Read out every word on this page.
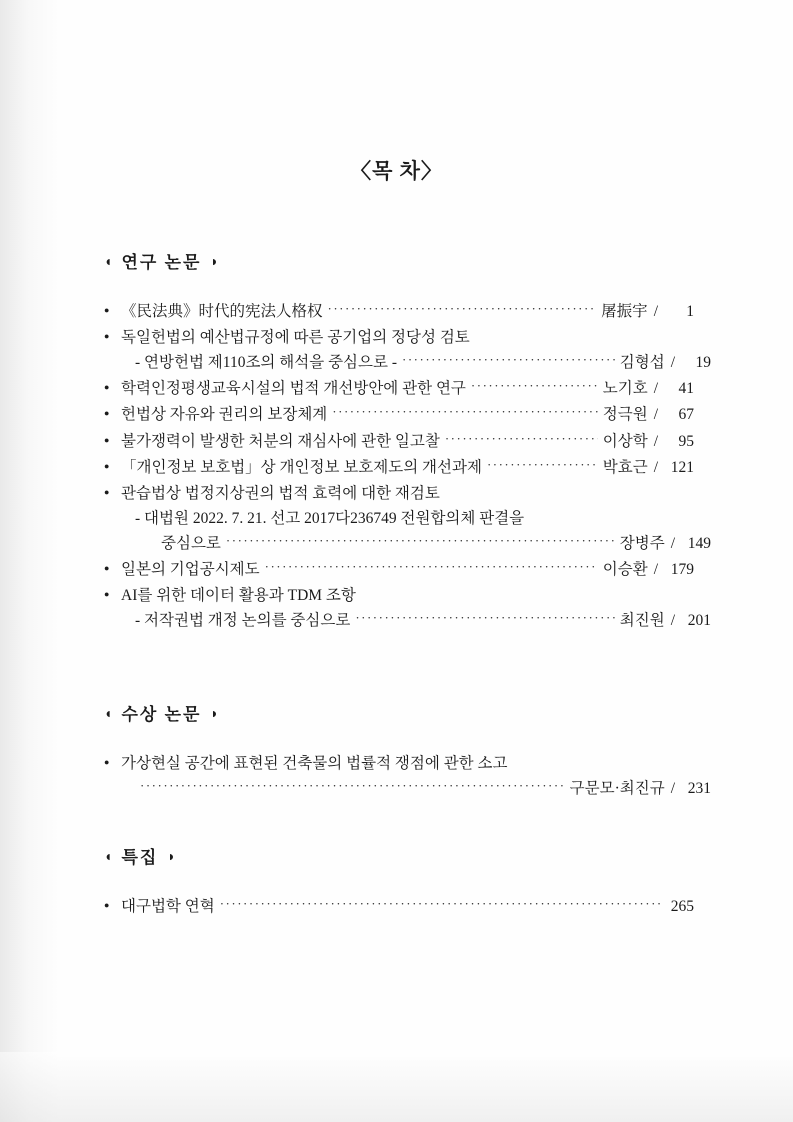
〈목 차〉
◖ 연구 논문 ◗
●
《民法典》时代的宪法人格权 ·····	屠振宇 /	1
●
독일헌법의 예산법규정에 따른 공기업의 정당성 검토
- 연방헌법 제110조의 해석을 중심으로 - ·····	김형섭 /	19
●
학력인정평생교육시설의 법적 개선방안에 관한 연구 ·····	노기호 /	41
●
헌법상 자유와 권리의 보장체계 ·····	정극원 /	67
●
불가쟁력이 발생한 처분의 재심사에 관한 일고찰 ·····	이상학 /	95
●
「개인정보 보호법」상 개인정보 보호제도의 개선과제 ·····	박효근 / 121
●
관습법상 법정지상권의 법적 효력에 대한 재검토
- 대법원 2022. 7. 21. 선고 2017다236749 전원합의체 판결을
중심으로 ·····	장병주 / 149
●
일본의 기업공시제도 ·····	이승환 / 179
●
AI를 위한 데이터 활용과 TDM 조항
- 저작권법 개정 논의를 중심으로 ·····	최진원 / 201
◖ 수상 논문 ◗
●
가상현실 공간에 표현된 건축물의 법률적 쟁점에 관한 소고
·····
구문모·최진규 / 231
◖ 특집 ◗
●
대구법학 연혁 ·····	265
